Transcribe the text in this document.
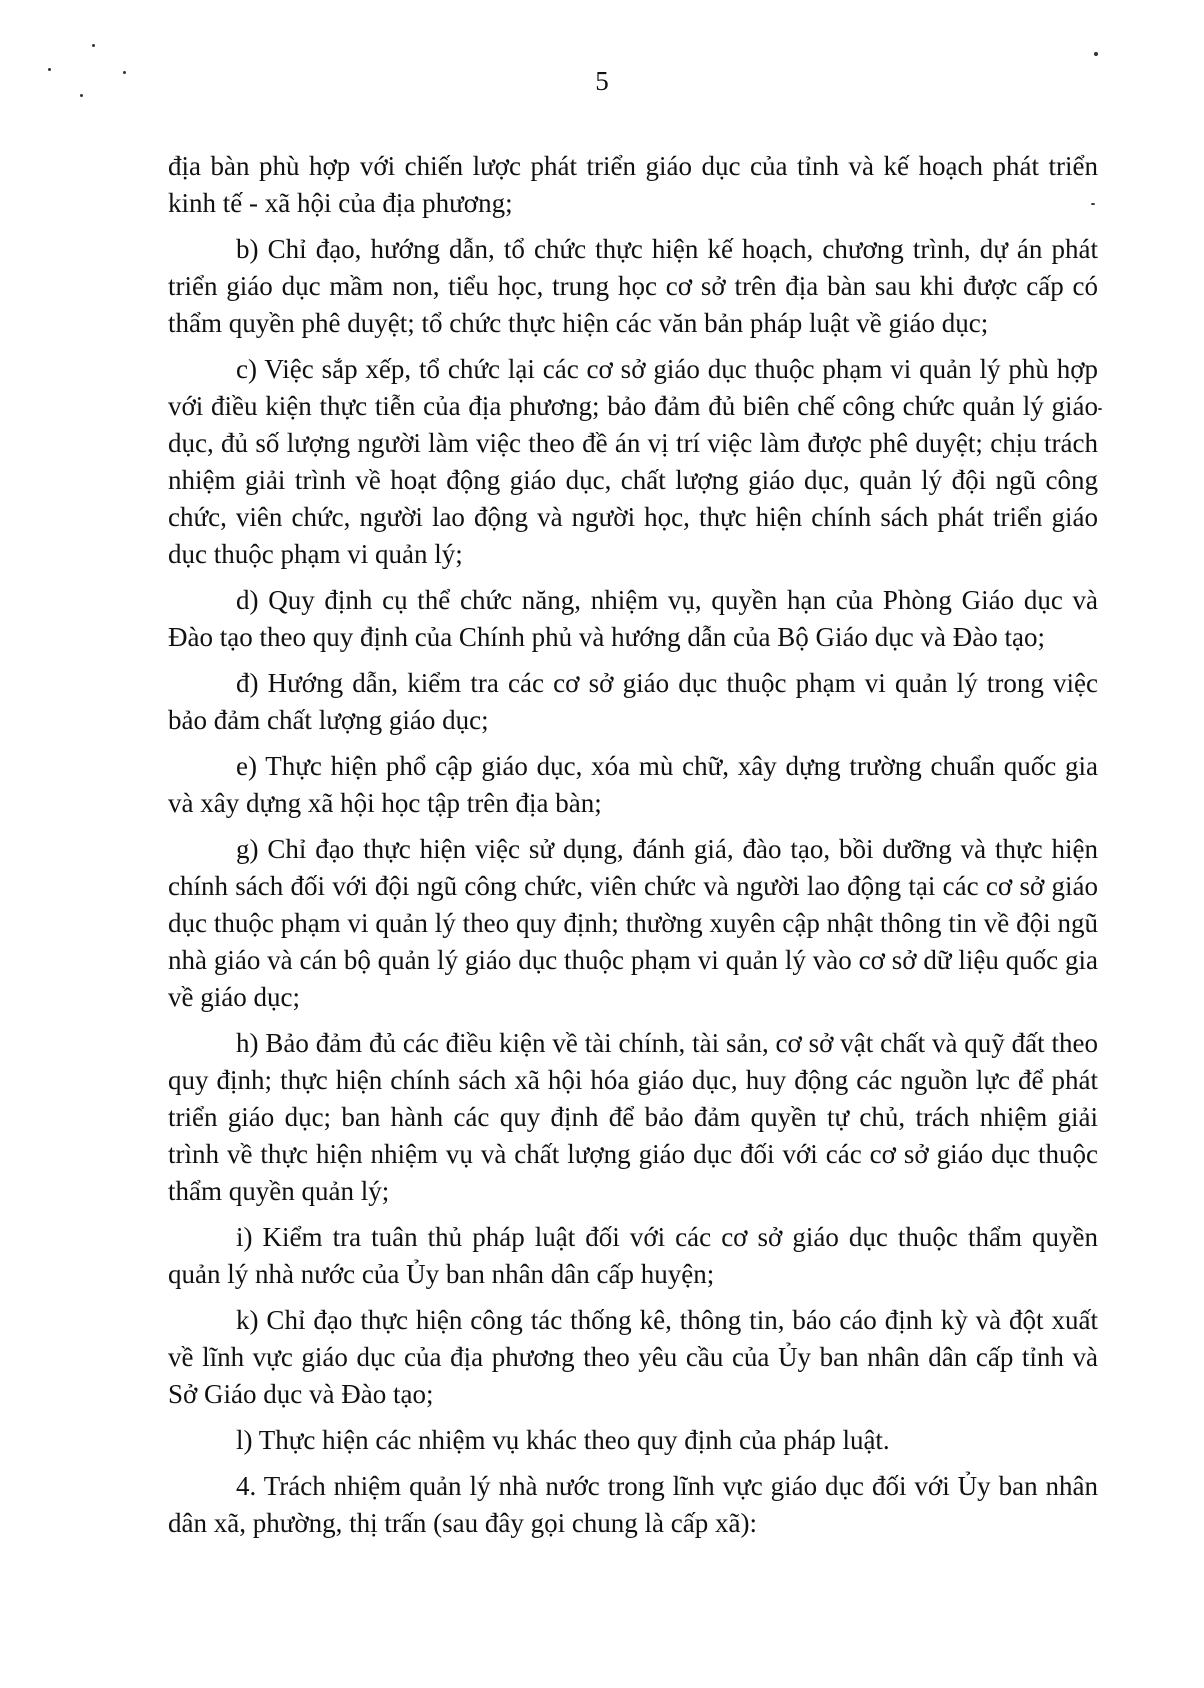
5

địa bàn phù hợp với chiến lược phát triển giáo dục của tỉnh và kế hoạch phát triển kinh tế - xã hội của địa phương;

b) Chỉ đạo, hướng dẫn, tổ chức thực hiện kế hoạch, chương trình, dự án phát triển giáo dục mầm non, tiểu học, trung học cơ sở trên địa bàn sau khi được cấp có thẩm quyền phê duyệt; tổ chức thực hiện các văn bản pháp luật về giáo dục;

c) Việc sắp xếp, tổ chức lại các cơ sở giáo dục thuộc phạm vi quản lý phù hợp với điều kiện thực tiễn của địa phương; bảo đảm đủ biên chế công chức quản lý giáo dục, đủ số lượng người làm việc theo đề án vị trí việc làm được phê duyệt; chịu trách nhiệm giải trình về hoạt động giáo dục, chất lượng giáo dục, quản lý đội ngũ công chức, viên chức, người lao động và người học, thực hiện chính sách phát triển giáo dục thuộc phạm vi quản lý;

d) Quy định cụ thể chức năng, nhiệm vụ, quyền hạn của Phòng Giáo dục và Đào tạo theo quy định của Chính phủ và hướng dẫn của Bộ Giáo dục và Đào tạo;

đ) Hướng dẫn, kiểm tra các cơ sở giáo dục thuộc phạm vi quản lý trong việc bảo đảm chất lượng giáo dục;

e) Thực hiện phổ cập giáo dục, xóa mù chữ, xây dựng trường chuẩn quốc gia và xây dựng xã hội học tập trên địa bàn;

g) Chỉ đạo thực hiện việc sử dụng, đánh giá, đào tạo, bồi dưỡng và thực hiện chính sách đối với đội ngũ công chức, viên chức và người lao động tại các cơ sở giáo dục thuộc phạm vi quản lý theo quy định; thường xuyên cập nhật thông tin về đội ngũ nhà giáo và cán bộ quản lý giáo dục thuộc phạm vi quản lý vào cơ sở dữ liệu quốc gia về giáo dục;

h) Bảo đảm đủ các điều kiện về tài chính, tài sản, cơ sở vật chất và quỹ đất theo quy định; thực hiện chính sách xã hội hóa giáo dục, huy động các nguồn lực để phát triển giáo dục; ban hành các quy định để bảo đảm quyền tự chủ, trách nhiệm giải trình về thực hiện nhiệm vụ và chất lượng giáo dục đối với các cơ sở giáo dục thuộc thẩm quyền quản lý;

i) Kiểm tra tuân thủ pháp luật đối với các cơ sở giáo dục thuộc thẩm quyền quản lý nhà nước của Ủy ban nhân dân cấp huyện;

k) Chỉ đạo thực hiện công tác thống kê, thông tin, báo cáo định kỳ và đột xuất về lĩnh vực giáo dục của địa phương theo yêu cầu của Ủy ban nhân dân cấp tỉnh và Sở Giáo dục và Đào tạo;

l) Thực hiện các nhiệm vụ khác theo quy định của pháp luật.

4. Trách nhiệm quản lý nhà nước trong lĩnh vực giáo dục đối với Ủy ban nhân dân xã, phường, thị trấn (sau đây gọi chung là cấp xã):
